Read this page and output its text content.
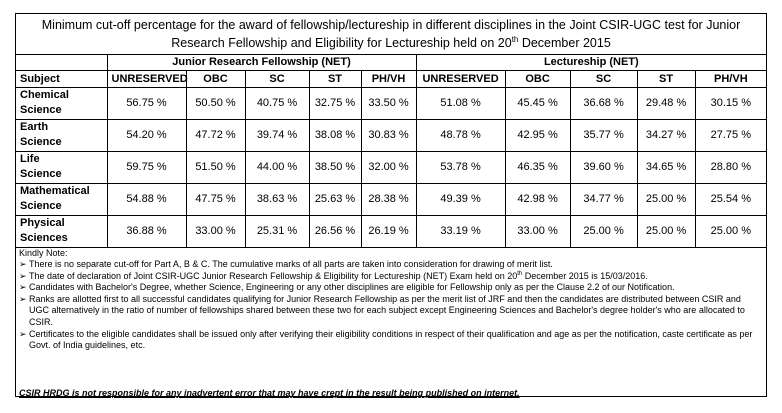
Minimum cut-off percentage for the award of fellowship/lectureship in different disciplines in the Joint CSIR-UGC test for Junior
Research Fellowship and Eligibility for Lectureship held on 20th December 2015
	Junior Research Fellowship (NET)					Lectureship (NET)				
Subject	UNRESERVED	OBC	SC	ST	PH/VH	UNRESERVED	OBC	SC	ST	PH/VH
Chemical
Science	56.75 %	50.50 %	40.75 %	32.75 %	33.50 %	51.08 %	45.45 %	36.68 %	29.48 %	30.15 %
Earth
Science	54.20 %	47.72 %	39.74 %	38.08 %	30.83 %	48.78 %	42.95 %	35.77 %	34.27 %	27.75 %
Life
Science	59.75 %	51.50 %	44.00 %	38.50 %	32.00 %	53.78 %	46.35 %	39.60 %	34.65 %	28.80 %
Mathematical
Science	54.88 %	47.75 %	38.63 %	25.63 %	28.38 %	49.39 %	42.98 %	34.77 %	25.00 %	25.54 %
Physical
Sciences	36.88 %	33.00 %	25.31 %	26.56 %	26.19 %	33.19 %	33.00 %	25.00 %	25.00 %	25.00 %
Kindly Note:
➢ There is no separate cut-off for Part A, B & C. The cumulative marks of all parts are taken into consideration for drawing of merit list.
➢ The date of declaration of Joint CSIR-UGC Junior Research Fellowship & Eligibility for Lectureship (NET) Exam held on 20th December 2015 is 15/03/2016.
➢ Candidates with Bachelor's Degree, whether Science, Engineering or any other disciplines are eligible for Fellowship only as per the Clause 2.2 of our Notification.
➢ Ranks are allotted first to all successful candidates qualifying for Junior Research Fellowship as per the merit list of JRF and then the candidates are distributed between CSIR and UGC alternatively in the ratio of number of fellowships shared between these two for each subject except Engineering Sciences and Bachelor's degree holder's who are allocated to CSIR.
➢ Certificates to the eligible candidates shall be issued only after verifying their eligibility conditions in respect of their qualification and age as per the notification, caste certificate as per Govt. of India guidelines, etc.
CSIR HRDG is not responsible for any inadvertent error that may have crept in the result being published on internet.
